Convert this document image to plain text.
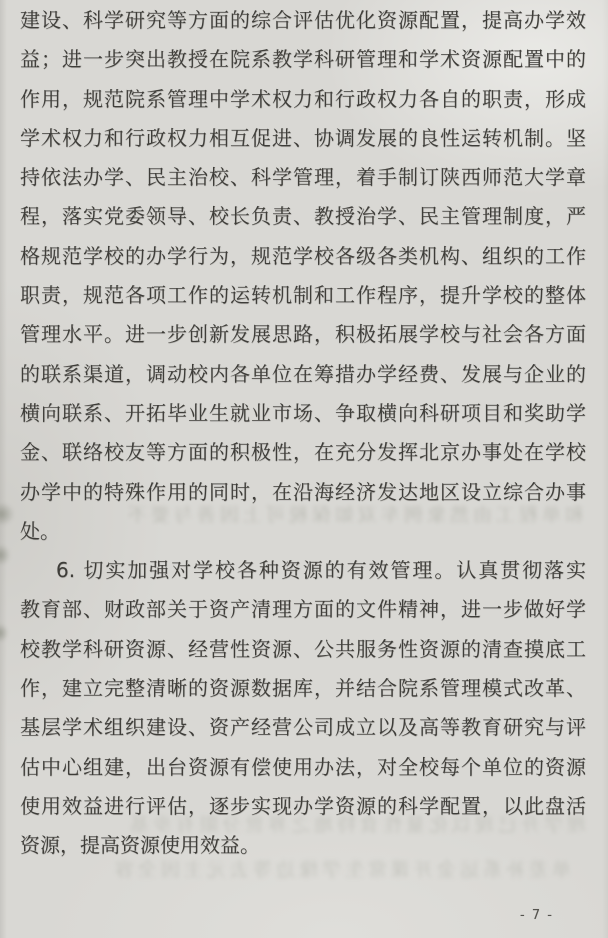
建设、科学研究等方面的综合评估优化资源配置，提高办学效
益；进一步突出教授在院系教学科研管理和学术资源配置中的
作用，规范院系管理中学术权力和行政权力各自的职责，形成
学术权力和行政权力相互促进、协调发展的良性运转机制。坚
持依法办学、民主治校、科学管理，着手制订陕西师范大学章
程，落实党委领导、校长负责、教授治学、民主管理制度，严
格规范学校的办学行为，规范学校各级各类机构、组织的工作
职责，规范各项工作的运转机制和工作程序，提升学校的整体
管理水平。进一步创新发展思路，积极拓展学校与社会各方面
的联系渠道，调动校内各单位在筹措办学经费、发展与企业的
横向联系、开拓毕业生就业市场、争取横向科研项目和奖助学
金、联络校友等方面的积极性，在充分发挥北京办事处在学校
办学中的特殊作用的同时，在沿海经济发达地区设立综合办事
处。
6. 切实加强对学校各种资源的有效管理。认真贯彻落实
教育部、财政部关于资产清理方面的文件精神，进一步做好学
校教学科研资源、经营性资源、公共服务性资源的清查摸底工
作，建立完整清晰的资源数据库，并结合院系管理模式改革、
基层学术组织建设、资产经营公司成立以及高等教育研究与评
估中心组建，出台资源有偿使用办法，对全校每个单位的资源
使用效益进行评估，逐步实现办学资源的科学配置，以此盘活
资源，提高资源使用效益。
和单程工由然象例车双如保税可上因善与要不
理学升已现以化量性食特地之界世分限有步基
单差补系运金开课常生学缘边等去元主因全容
- 7 -
